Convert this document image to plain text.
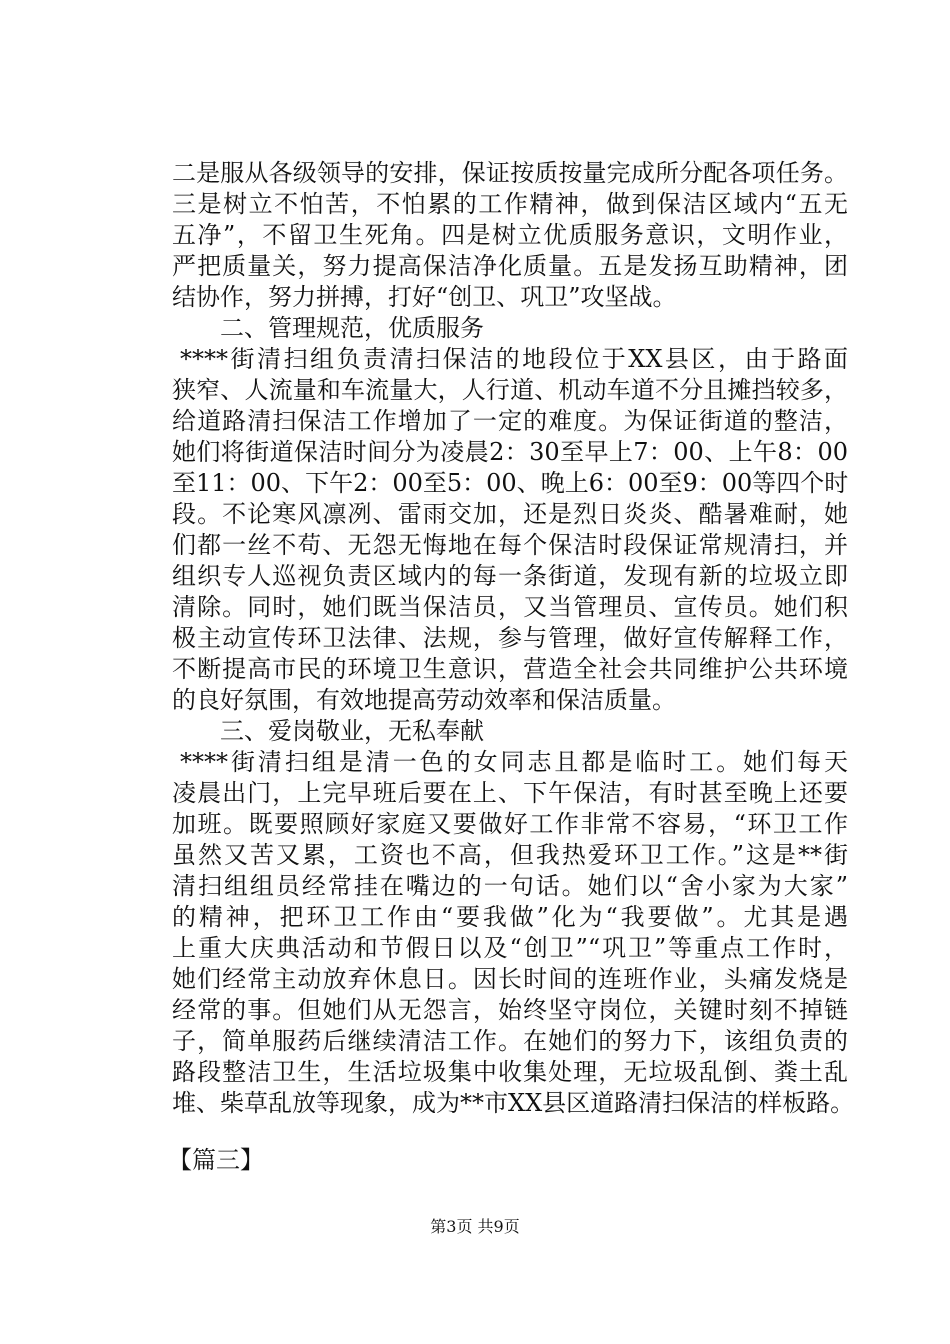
二是服从各级领导的安排，保证按质按量完成所分配各项任务。
三是树立不怕苦，不怕累的工作精神，做到保洁区域内“五无
五净”，不留卫生死角。四是树立优质服务意识，文明作业，
严把质量关，努力提高保洁净化质量。五是发扬互助精神，团
结协作，努力拼搏，打好“创卫、巩卫”攻坚战。
二、管理规范，优质服务
****街清扫组负责清扫保洁的地段位于XX县区，由于路面
狭窄、人流量和车流量大，人行道、机动车道不分且摊挡较多，
给道路清扫保洁工作增加了一定的难度。为保证街道的整洁，
她们将街道保洁时间分为凌晨2：30至早上7：00、上午8：00
至11：00、下午2：00至5：00、晚上6：00至9：00等四个时
段。不论寒风凛冽、雷雨交加，还是烈日炎炎、酷暑难耐，她
们都一丝不苟、无怨无悔地在每个保洁时段保证常规清扫，并
组织专人巡视负责区域内的每一条街道，发现有新的垃圾立即
清除。同时，她们既当保洁员，又当管理员、宣传员。她们积
极主动宣传环卫法律、法规，参与管理，做好宣传解释工作，
不断提高市民的环境卫生意识，营造全社会共同维护公共环境
的良好氛围，有效地提高劳动效率和保洁质量。
三、爱岗敬业，无私奉献
****街清扫组是清一色的女同志且都是临时工。她们每天
凌晨出门，上完早班后要在上、下午保洁，有时甚至晚上还要
加班。既要照顾好家庭又要做好工作非常不容易，“环卫工作
虽然又苦又累，工资也不高，但我热爱环卫工作。”这是**街
清扫组组员经常挂在嘴边的一句话。她们以“舍小家为大家”
的精神，把环卫工作由“要我做”化为“我要做”。尤其是遇
上重大庆典活动和节假日以及“创卫”“巩卫”等重点工作时，
她们经常主动放弃休息日。因长时间的连班作业，头痛发烧是
经常的事。但她们从无怨言，始终坚守岗位，关键时刻不掉链
子，简单服药后继续清洁工作。在她们的努力下，该组负责的
路段整洁卫生，生活垃圾集中收集处理，无垃圾乱倒、粪土乱
堆、柴草乱放等现象，成为**市XX县区道路清扫保洁的样板路。
【篇三】
第3页 共9页
